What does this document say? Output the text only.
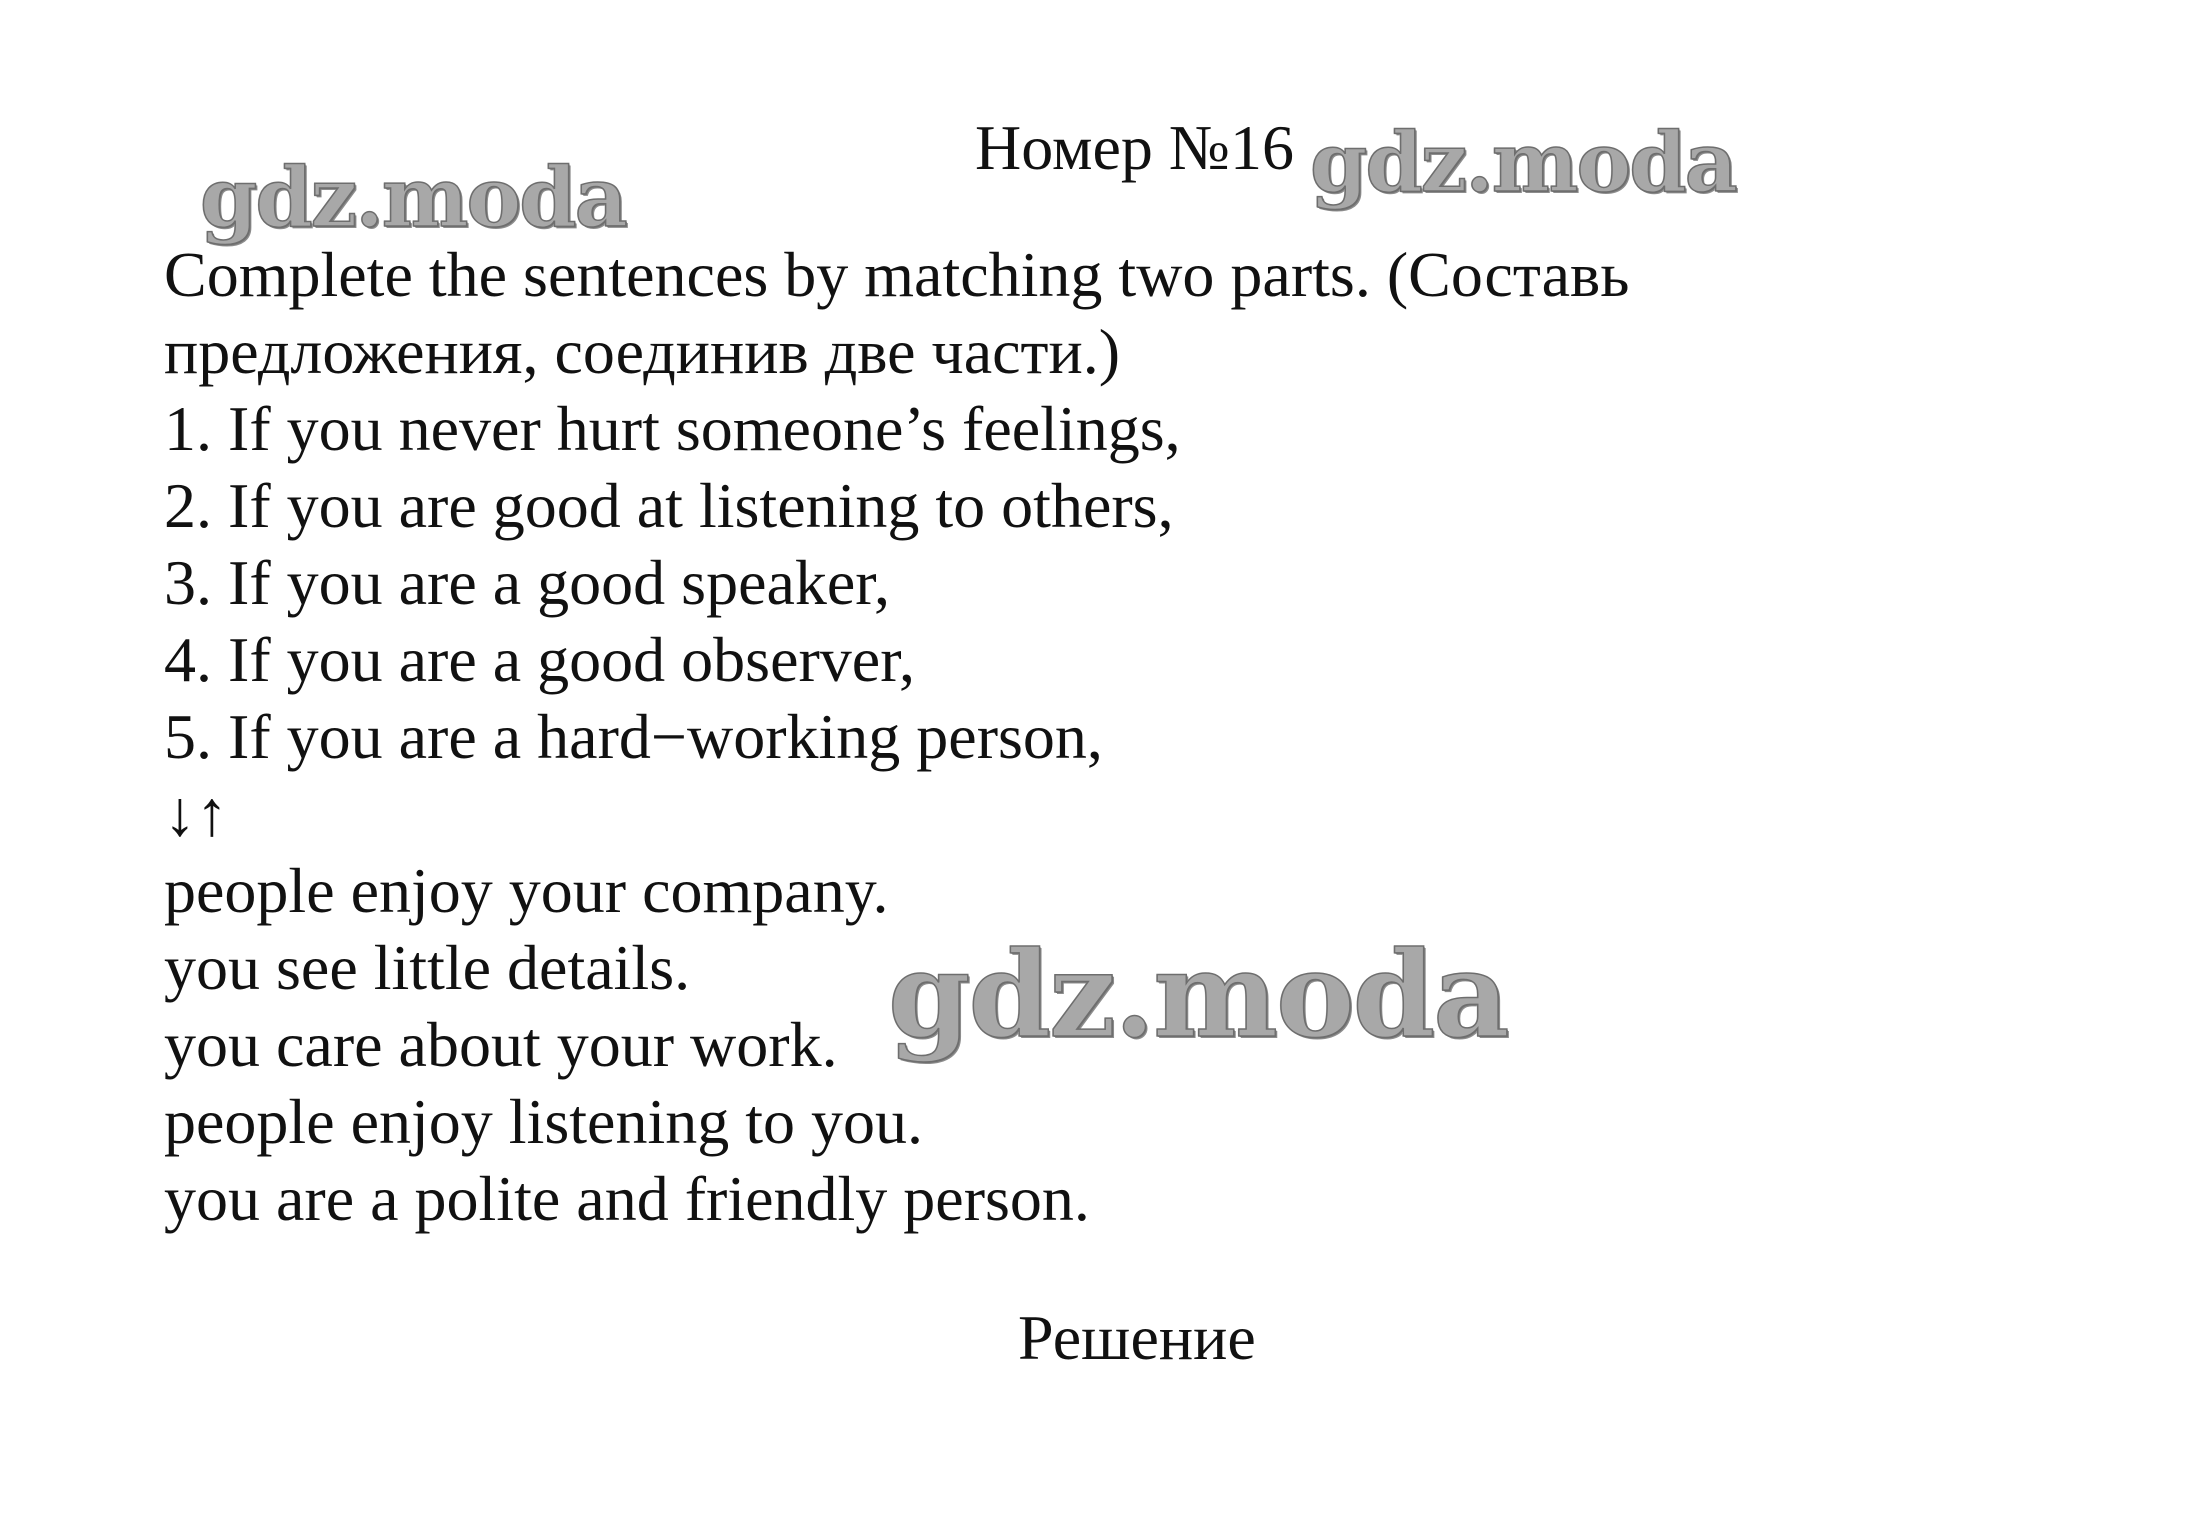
Номер №16
gdz.moda	gdz.moda
Complete the sentences by matching two parts. (Составь
предложения, соединив две части.)
1. If you never hurt someone’s feelings,
2. If you are good at listening to others,
3. If you are a good speaker,
4. If you are a good observer,
5. If you are a hard−working person,
↓↑
people enjoy your company.
you see little details.
you care about your work.
people enjoy listening to you.
you are a polite and friendly person.
gdz.moda
Решение
